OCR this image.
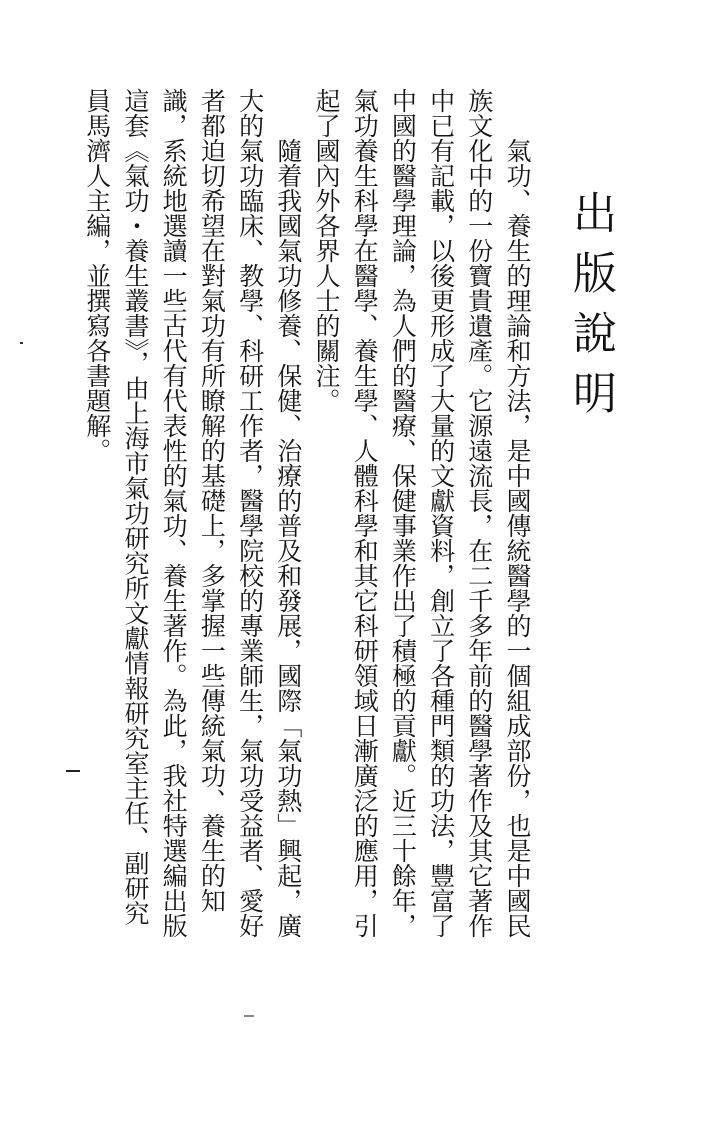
出版說明

氣功、養生的理論和方法，是中國傳統醫學的一個組成部份，也是中國民族文化中的一份寶貴遺產。它源遠流長，在二千多年前的醫學著作及其它著作中已有記載，以後更形成了大量的文獻資料，創立了各種門類的功法，豐富了中國的醫學理論，為人們的醫療、保健事業作出了積極的貢獻。近三十餘年，氣功養生科學在醫學、養生學、人體科學和其它科研領域日漸廣泛的應用，引起了國內外各界人士的關注。

隨着我國氣功修養、保健、治療的普及和發展，國際「氣功熱」興起，廣大的氣功臨床、教學、科研工作者，醫學院校的專業師生，氣功受益者、愛好者都迫切希望在對氣功有所瞭解的基礎上，多掌握一些傳統氣功、養生的知識，系統地選讀一些古代有代表性的氣功、養生著作。為此，我社特選編出版這套《氣功・養生叢書》，由上海市氣功研究所文獻情報研究室主任、副研究員馬濟人主編，並撰寫各書題解。
